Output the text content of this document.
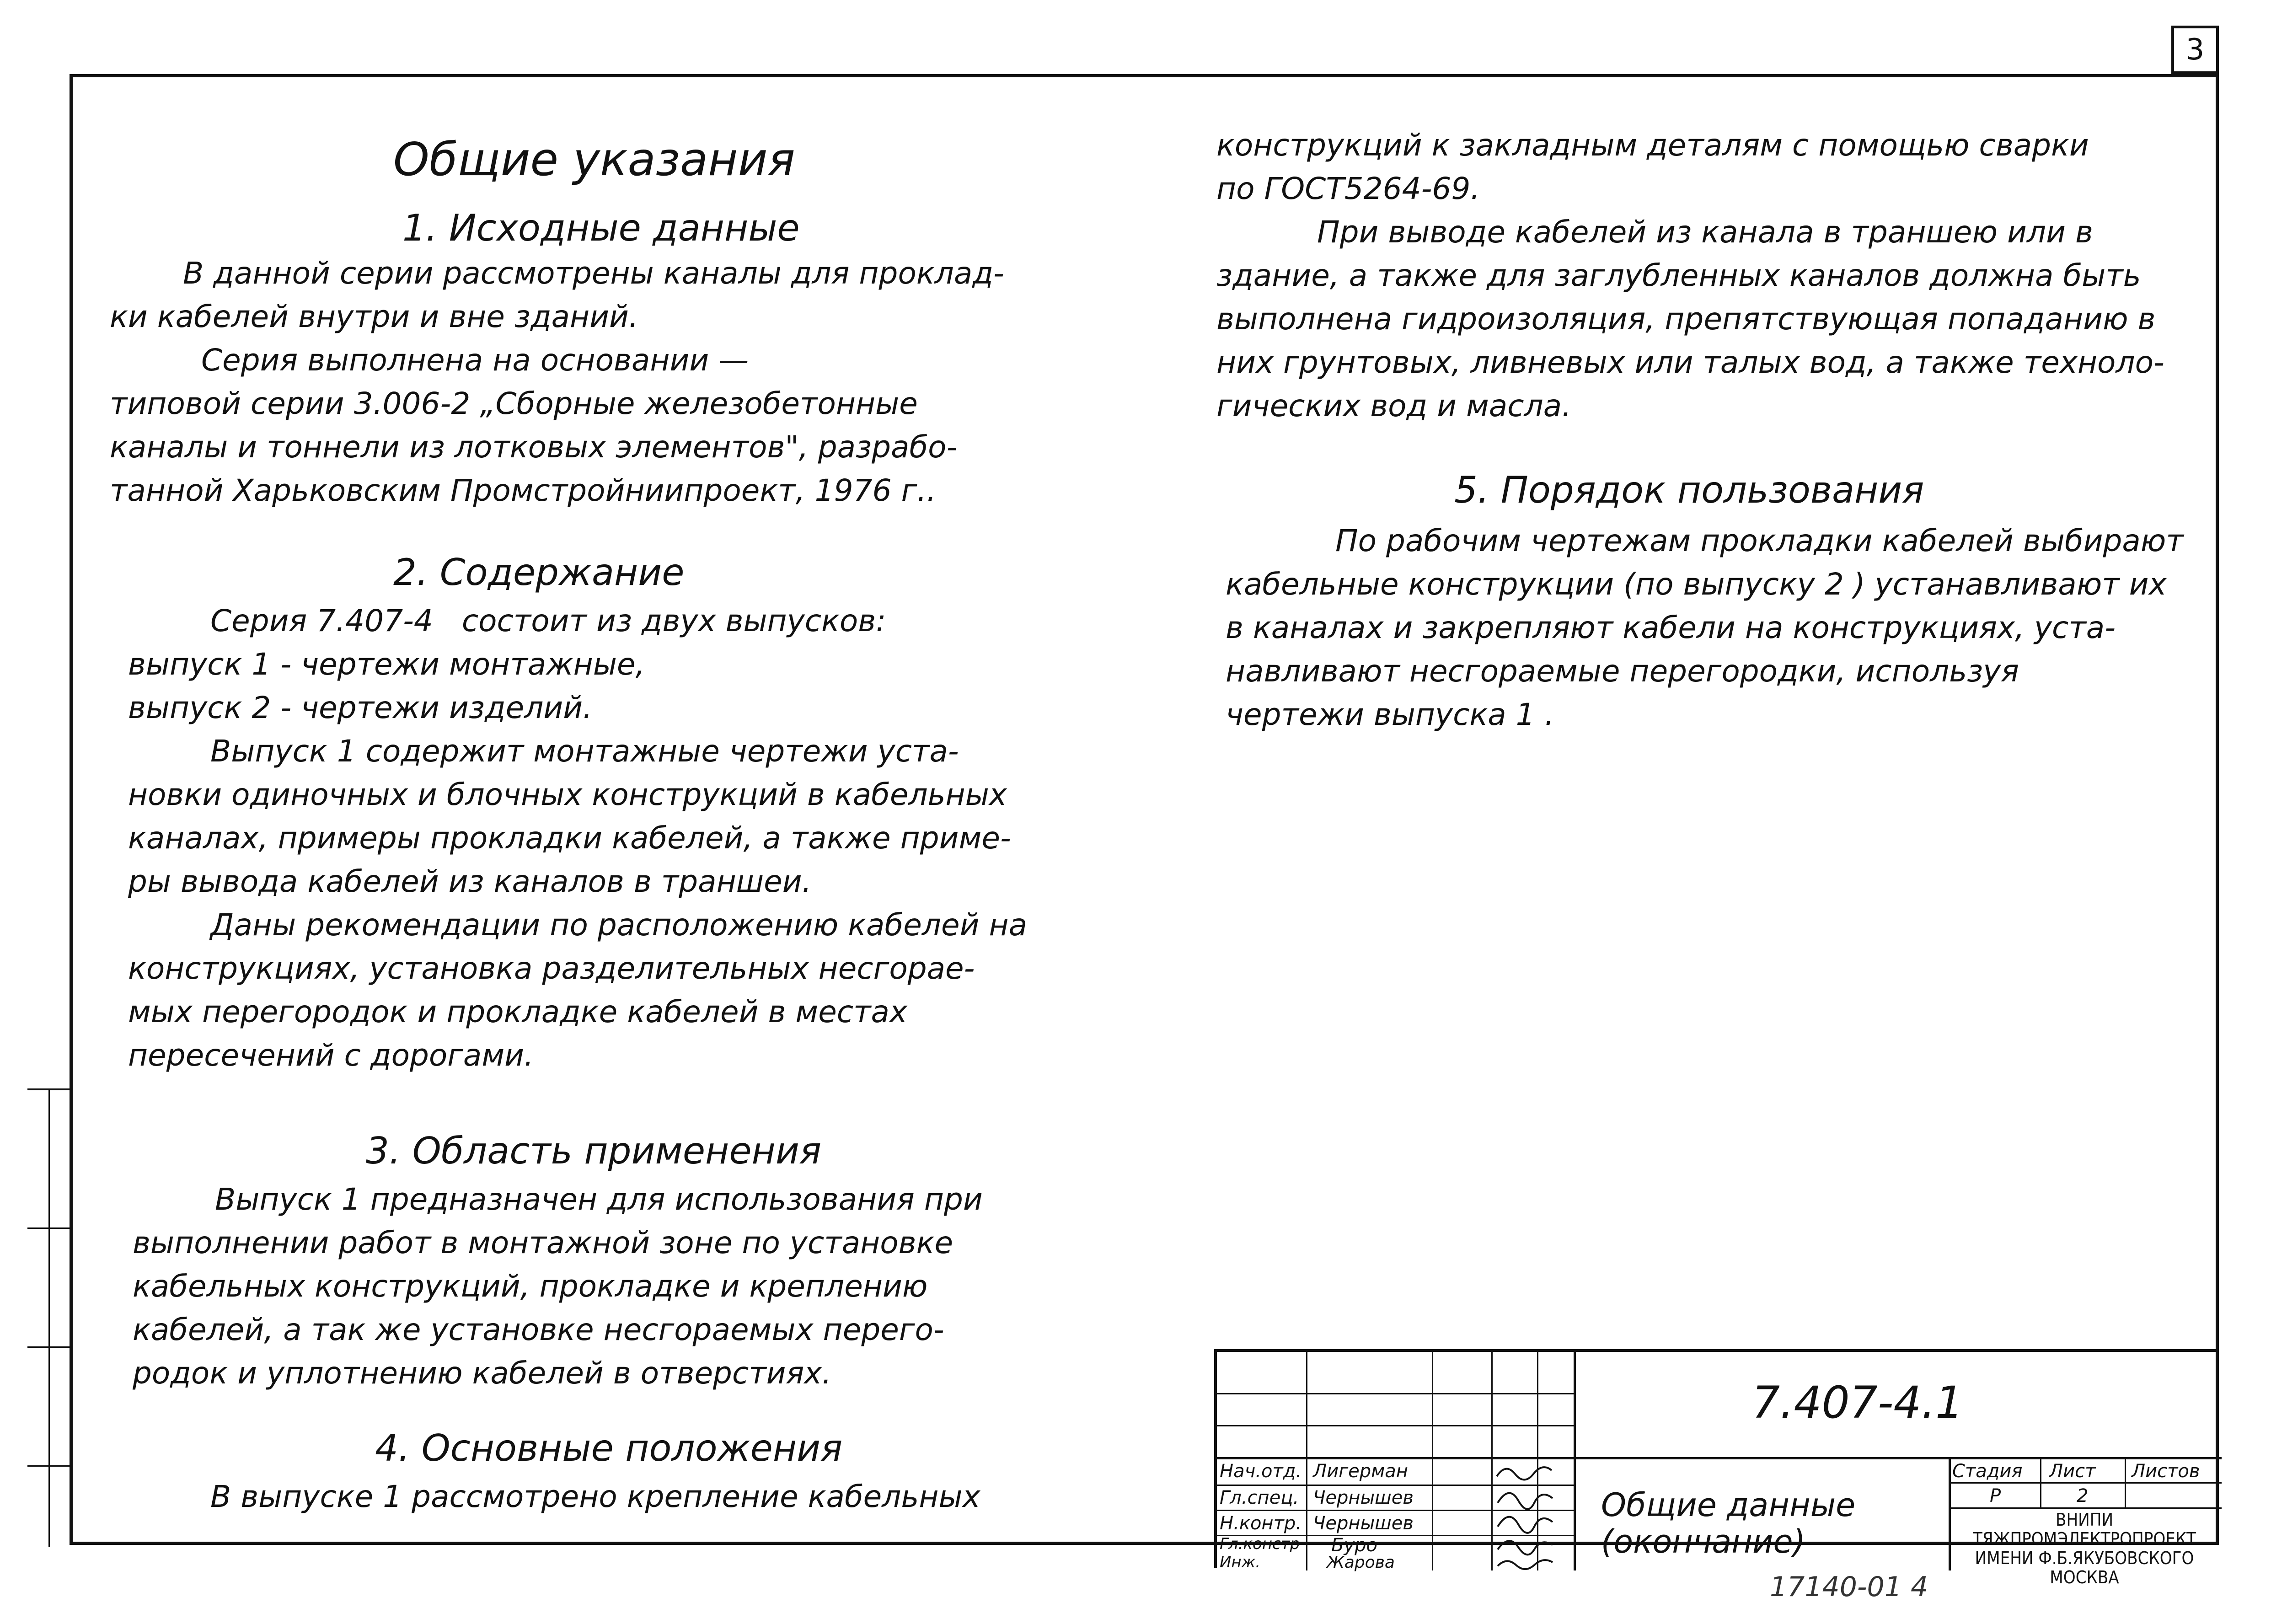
3
Общие указания
1. Исходные данные

В данной серии рассмотрены каналы для проклад-

ки кабелей внутри и вне зданий.

Серия выполнена на основании —

типовой серии 3.006-2 „Сборные железобетонные

каналы и тоннели из лотковых элементов", разрабо-

танной Харьковским Промстройниипроект, 1976 г..

2. Содержание

Серия 7.407-4   состоит из двух выпусков:

выпуск 1 - чертежи монтажные,

выпуск 2 - чертежи изделий.

Выпуск 1 содержит монтажные чертежи уста-

новки одиночных и блочных конструкций в кабельных

каналах, примеры прокладки кабелей, а также приме-

ры вывода кабелей из каналов в траншеи.

Даны рекомендации по расположению кабелей на

конструкциях, установка разделительных несгорае-

мых перегородок и прокладке кабелей в местах

пересечений с дорогами.

3. Область применения

Выпуск 1 предназначен для использования при

выполнении работ в монтажной зоне по установке

кабельных конструкций, прокладке и креплению

кабелей, а так же установке несгораемых перего-

родок и уплотнению кабелей в отверстиях.

4. Основные положения

В выпуске 1 рассмотрено крепление кабельных

конструкций к закладным деталям с помощью сварки

по ГОСТ5264-69.

При выводе кабелей из канала в траншею или в

здание, а также для заглубленных каналов должна быть

выполнена гидроизоляция, препятствующая попаданию в

них грунтовых, ливневых или талых вод, а также техноло-

гических вод и масла.

5. Порядок пользования

По рабочим чертежам прокладки кабелей выбирают

кабельные конструкции (по выпуску 2 ) устанавливают их

в каналах и закрепляют кабели на конструкциях, уста-

навливают несгораемые перегородки, используя

чертежи выпуска 1 .

Нач.отд. Лигерман
Гл.спец. Чернышев
Н.контр. Чернышев
Гл.констр Буро
Инж.	Жарова
7.407-4.1
Общие данные
(окончание)
Стадия Лист Листов
Р	2
ВНИПИ
ТЯЖПРОМЭЛЕКТРОПРОЕКТ
ИМЕНИ Ф.Б.ЯКУБОВСКОГО
МОСКВА
17140-01 4
